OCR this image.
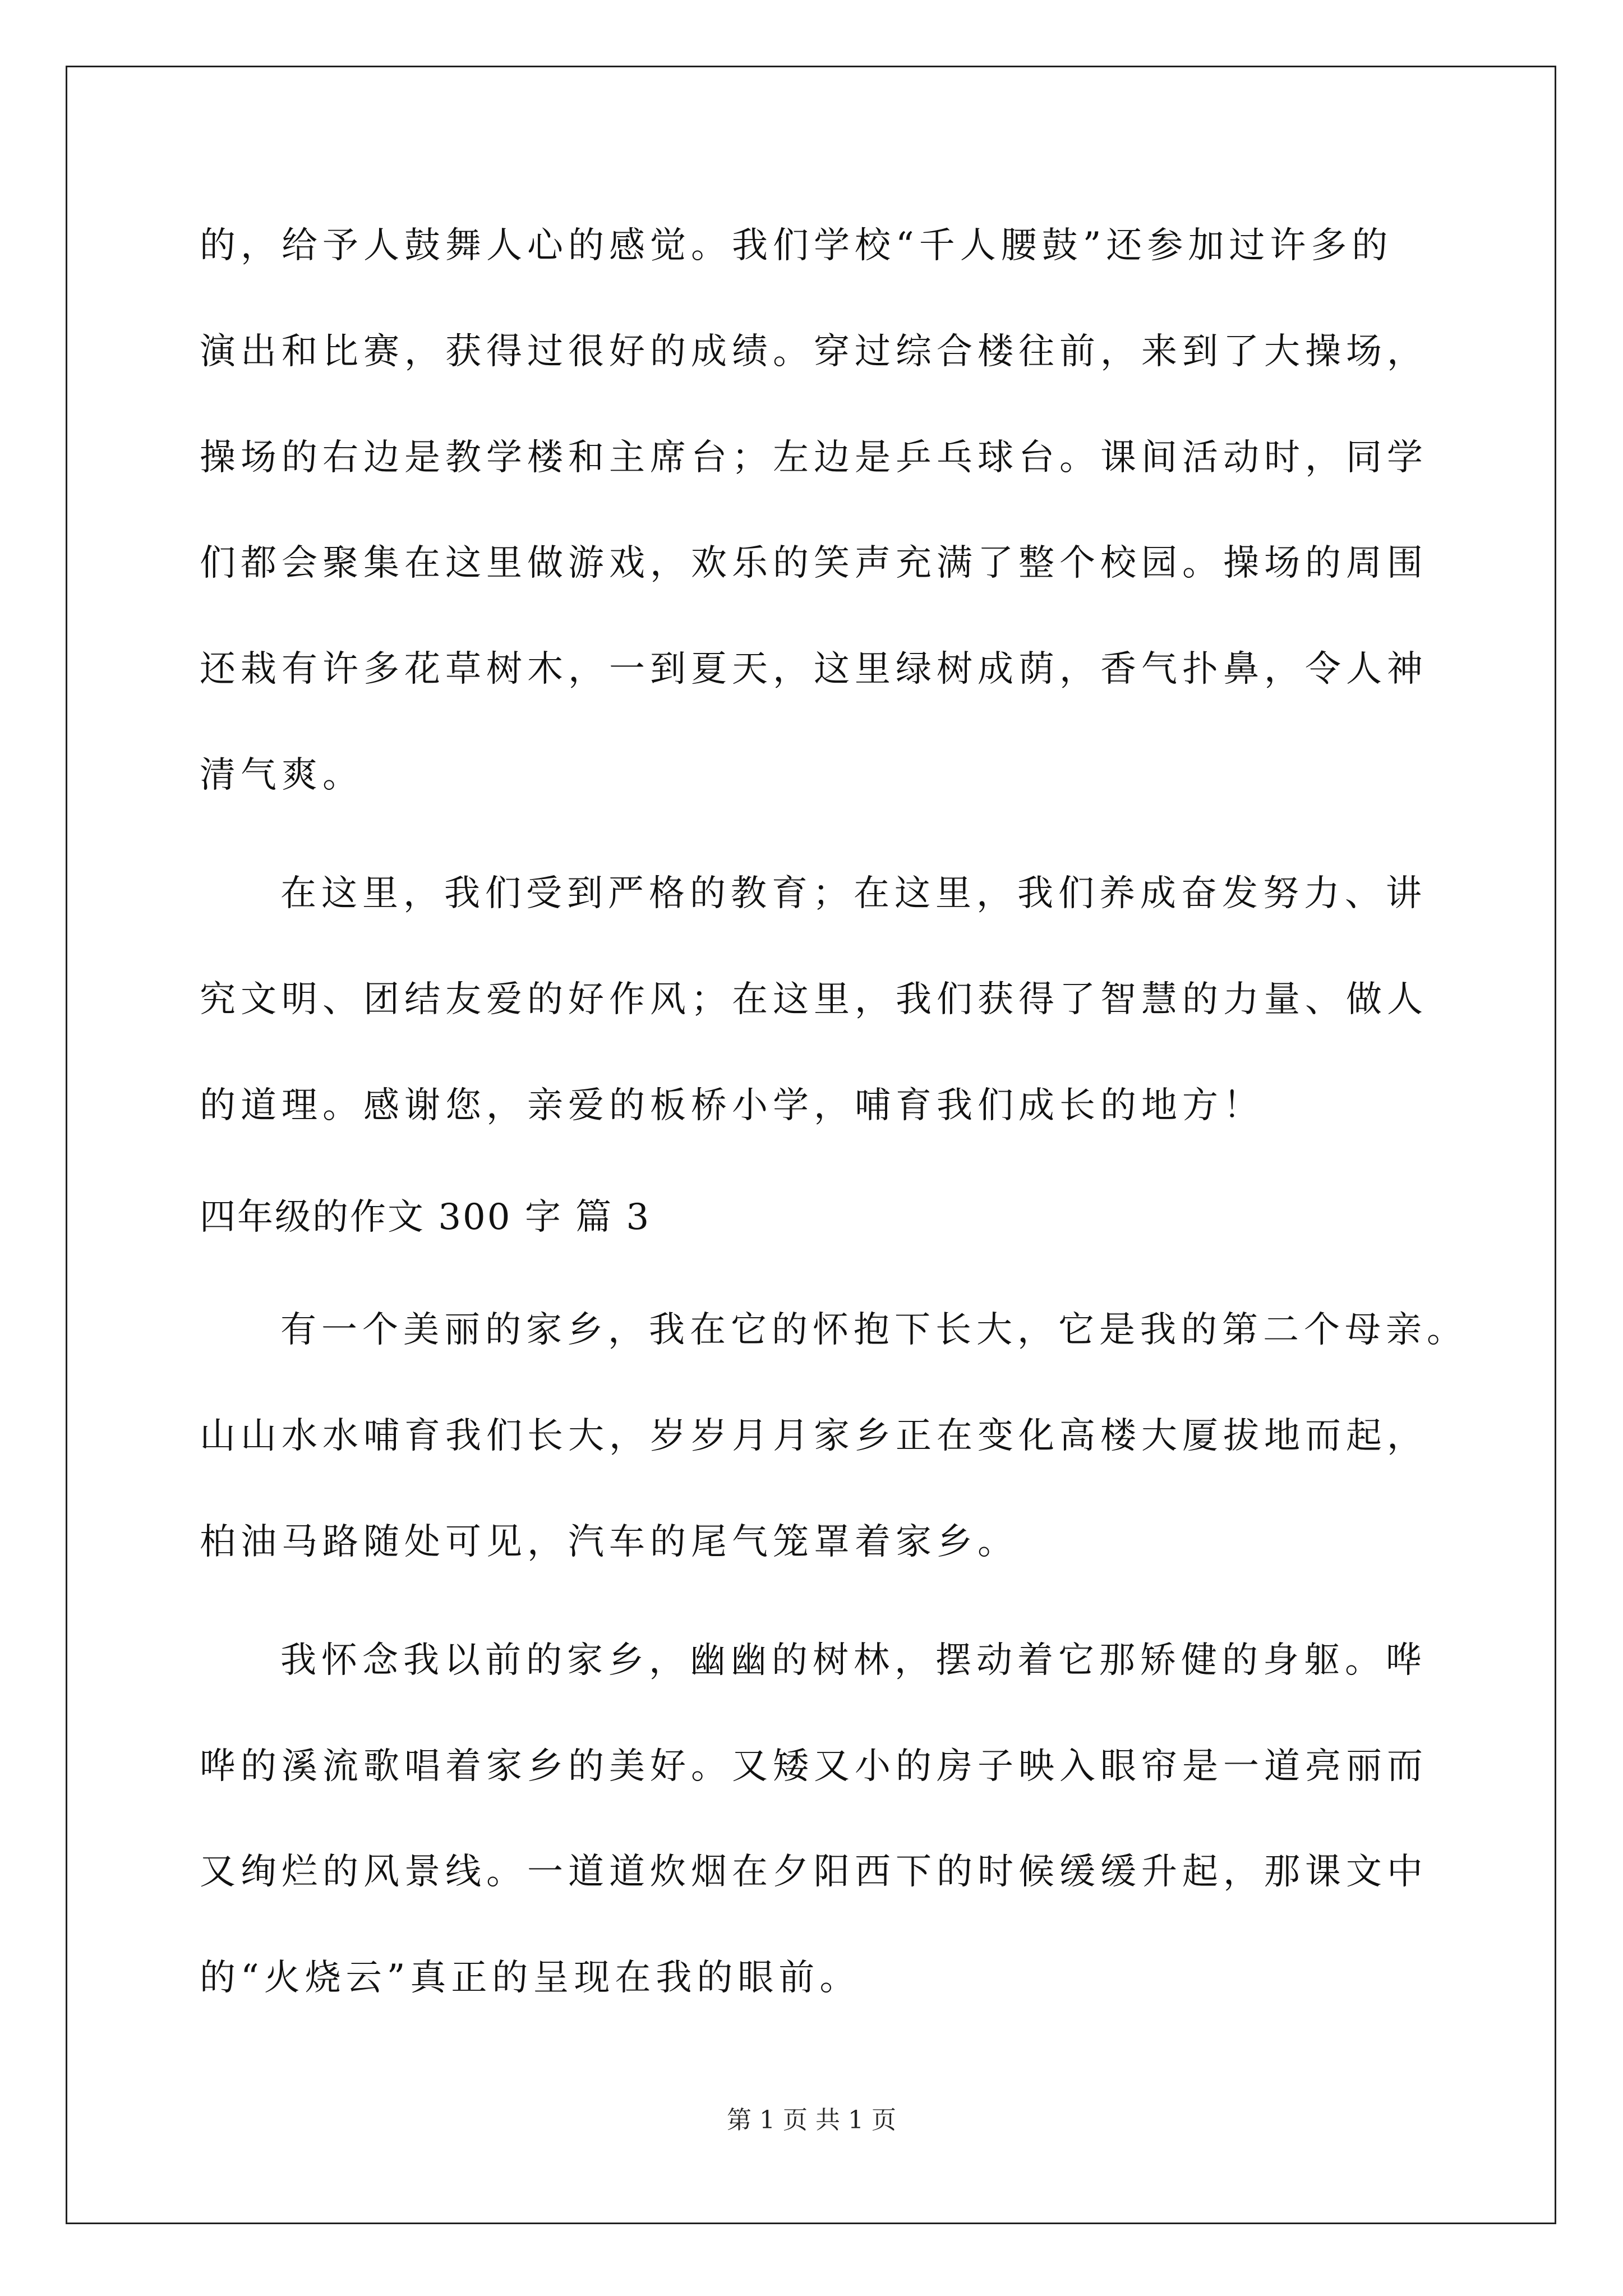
的，给予人鼓舞人心的感觉。我们学校“千人腰鼓”还参加过许多的
演出和比赛，获得过很好的成绩。穿过综合楼往前，来到了大操场，
操场的右边是教学楼和主席台；左边是乒乓球台。课间活动时，同学
们都会聚集在这里做游戏，欢乐的笑声充满了整个校园。操场的周围
还栽有许多花草树木，一到夏天，这里绿树成荫，香气扑鼻，令人神
清气爽。
在这里，我们受到严格的教育；在这里，我们养成奋发努力、讲
究文明、团结友爱的好作风；在这里，我们获得了智慧的力量、做人
的道理。感谢您，亲爱的板桥小学，哺育我们成长的地方！
四年级的作文 300 字 篇 3
有一个美丽的家乡，我在它的怀抱下长大，它是我的第二个母亲。
山山水水哺育我们长大，岁岁月月家乡正在变化高楼大厦拔地而起，
柏油马路随处可见，汽车的尾气笼罩着家乡。
我怀念我以前的家乡，幽幽的树林，摆动着它那矫健的身躯。哗
哗的溪流歌唱着家乡的美好。又矮又小的房子映入眼帘是一道亮丽而
又绚烂的风景线。一道道炊烟在夕阳西下的时候缓缓升起，那课文中
的“火烧云”真正的呈现在我的眼前。
第 1 页 共 1 页
